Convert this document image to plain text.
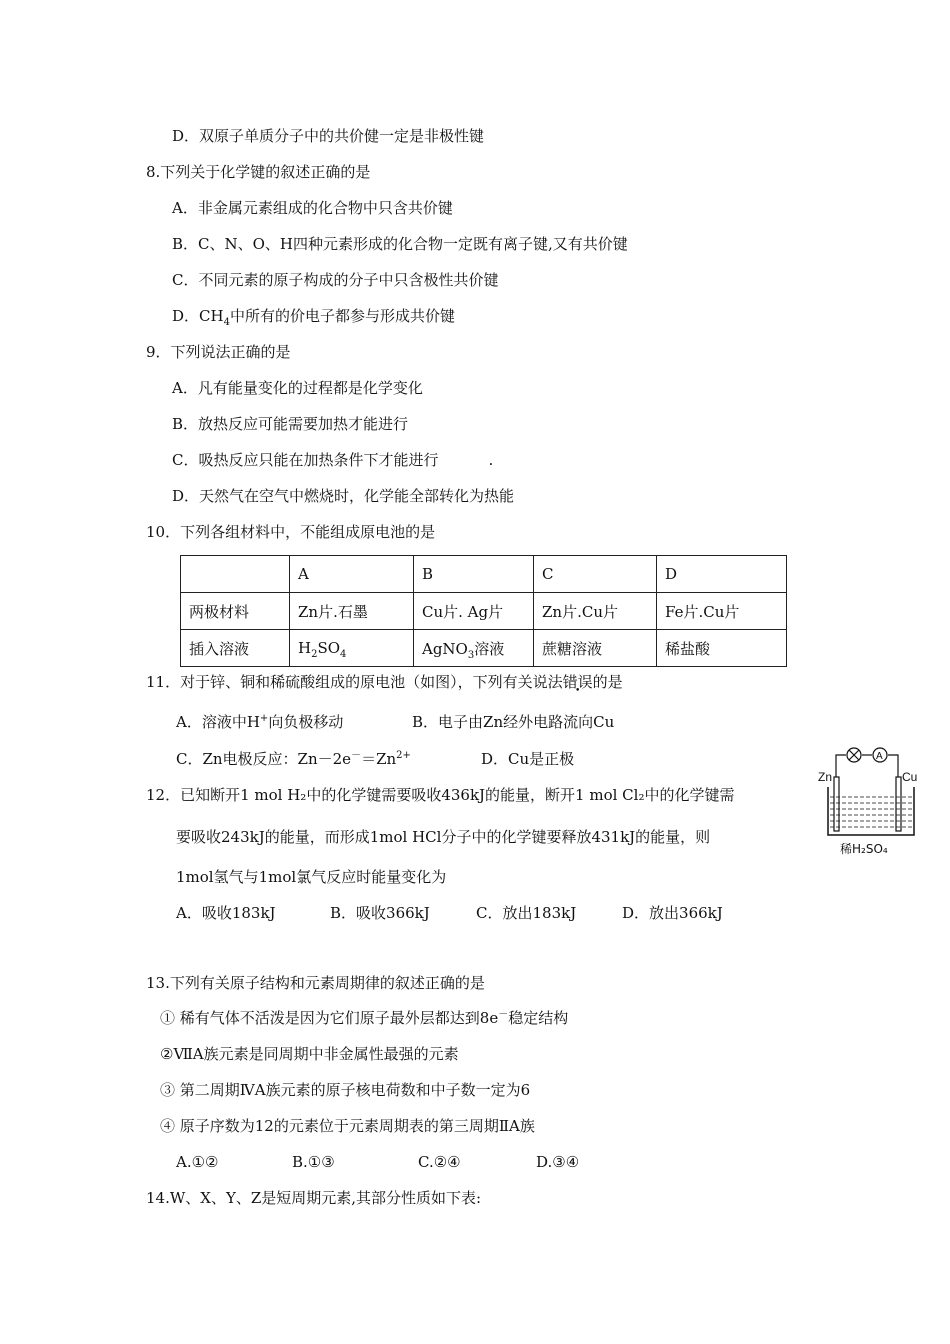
D．双原子单质分子中的共价健一定是非极性键
8.下列关于化学键的叙述正确的是
A．非金属元素组成的化合物中只含共价键
B．C、N、O、H四种元素形成的化合物一定既有离子键,又有共价键
C．不同元素的原子构成的分子中只含极性共价键
D．$CH_4$中所有的价电子都参与形成共价键
9．下列说法正确的是
A．凡有能量变化的过程都是化学变化
B．放热反应可能需要加热才能进行
C．吸热反应只能在加热条件下才能进行	.
D．天然气在空气中燃烧时，化学能全部转化为热能
10．下列各组材料中，不能组成原电池的是
	A	B	C	D
两极材料	Zn片.石墨	Cu片. Ag片	Zn片.Cu片	Fe片.Cu片
插入溶液	$H_2SO_4$	AgNO$_3$溶液	蔗糖溶液	稀盐酸
11．对于锌、铜和稀硫酸组成的原电池（如图），下列有关说法错误的是
A．溶液中H+向负极移动	B．电子由Zn经外电路流向Cu
C．Zn电极反应：$Zn-2e^-=Zn^{2+}$	D．Cu是正极
Zn	Cu
A
稀H₂SO₄
12．已知断开1 mol H₂中的化学键需要吸收436kJ的能量，断开1 mol Cl₂中的化学键需
要吸收243kJ的能量，而形成1mol HCl分子中的化学键要释放431kJ的能量，则
1mol氢气与1mol氯气反应时能量变化为
A．吸收183kJ	B．吸收366kJ	C．放出183kJ	D．放出366kJ
13.下列有关原子结构和元素周期律的叙述正确的是
① 稀有气体不活泼是因为它们原子最外层都达到8e－稳定结构
②ⅦA族元素是同周期中非金属性最强的元素
③ 第二周期ⅣA族元素的原子核电荷数和中子数一定为6
④ 原子序数为12的元素位于元素周期表的第三周期ⅡA族
A.①②	B.①③	C.②④	D.③④
14.W、X、Y、Z是短周期元素,其部分性质如下表:
